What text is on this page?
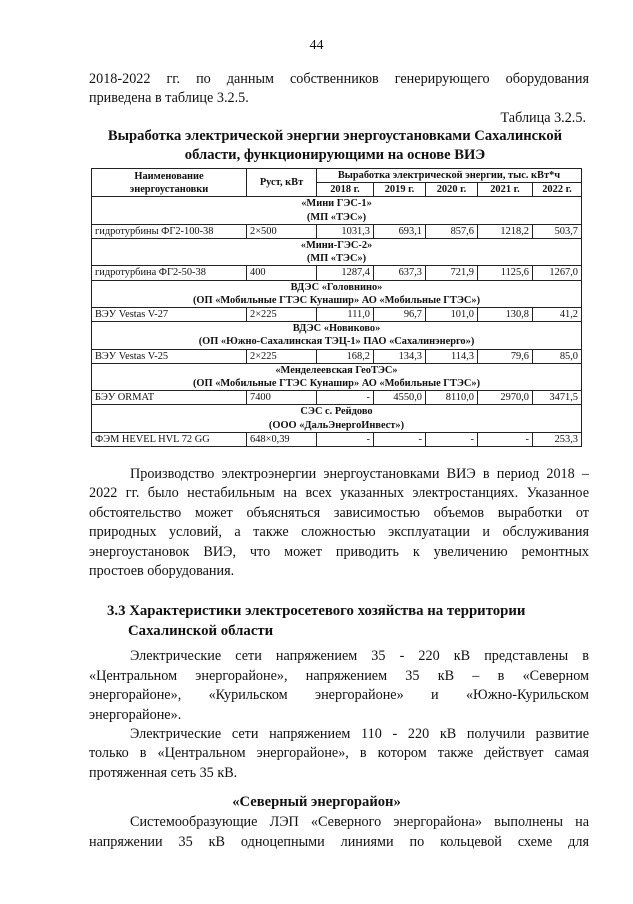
44

2018-2022 гг. по данным собственников генерирующего оборудования

приведена в таблице 3.2.5.

Таблица 3.2.5.
Выработка электрической энергии энергоустановками Сахалинской
области, функционирующими на основе ВИЭ
Наименование
энергоустановки	Руст, кВт	Выработка электрической энергии, тыс. кВт*ч				
		2018 г.	2019 г.	2020 г.	2021 г.	2022 г.

«Мини ГЭС-1»
(МП «ТЭС»)						

гидротурбины ФГ2-100-38	2×500	1031,3	693,1	857,6	1218,2	503,7

«Мини-ГЭС-2»
(МП «ТЭС»)						

гидротурбина ФГ2-50-38	400	1287,4	637,3	721,9	1125,6	1267,0

ВДЭС «Головнино»
(ОП «Мобильные ГТЭС Кунашир» АО «Мобильные ГТЭС»)						

ВЭУ Vestas V-27	2×225	111,0	96,7	101,0	130,8	41,2

ВДЭС «Новиково»
(ОП «Южно-Сахалинская ТЭЦ-1» ПАО «Сахалинэнерго»)						

ВЭУ Vestas V-25	2×225	168,2	134,3	114,3	79,6	85,0

«Менделеевская ГеоТЭС»
(ОП «Мобильные ГТЭС Кунашир» АО «Мобильные ГТЭС»)						

БЭУ ORMAT	7400	-	4550,0	8110,0	2970,0	3471,5

СЭС с. Рейдово
(ООО «ДальЭнергоИнвест»)						

ФЭМ HEVEL HVL 72 GG	648×0,39	-	-	-	-	253,3

Производство электроэнергии энергоустановками ВИЭ в период 2018 –

2022 гг. было нестабильным на всех указанных электростанциях. Указанное

обстоятельство может объясняться зависимостью объемов выработки от

природных условий, а также сложностью эксплуатации и обслуживания

энергоустановок ВИЭ, что может приводить к увеличению ремонтных

простоев оборудования.

3.3 Характеристики электросетевого хозяйства на территории
Сахалинской области

Электрические сети напряжением 35 - 220 кВ представлены в

«Центральном энергорайоне», напряжением 35 кВ – в «Северном

энергорайоне», «Курильском энергорайоне» и «Южно-Курильском

энергорайоне».

Электрические сети напряжением 110 - 220 кВ получили развитие

только в «Центральном энергорайоне», в котором также действует самая

протяженная сеть 35 кВ.

«Северный энергорайон»

Системообразующие ЛЭП «Северного энергорайона» выполнены на

напряжении 35 кВ одноцепными линиями по кольцевой схеме для
